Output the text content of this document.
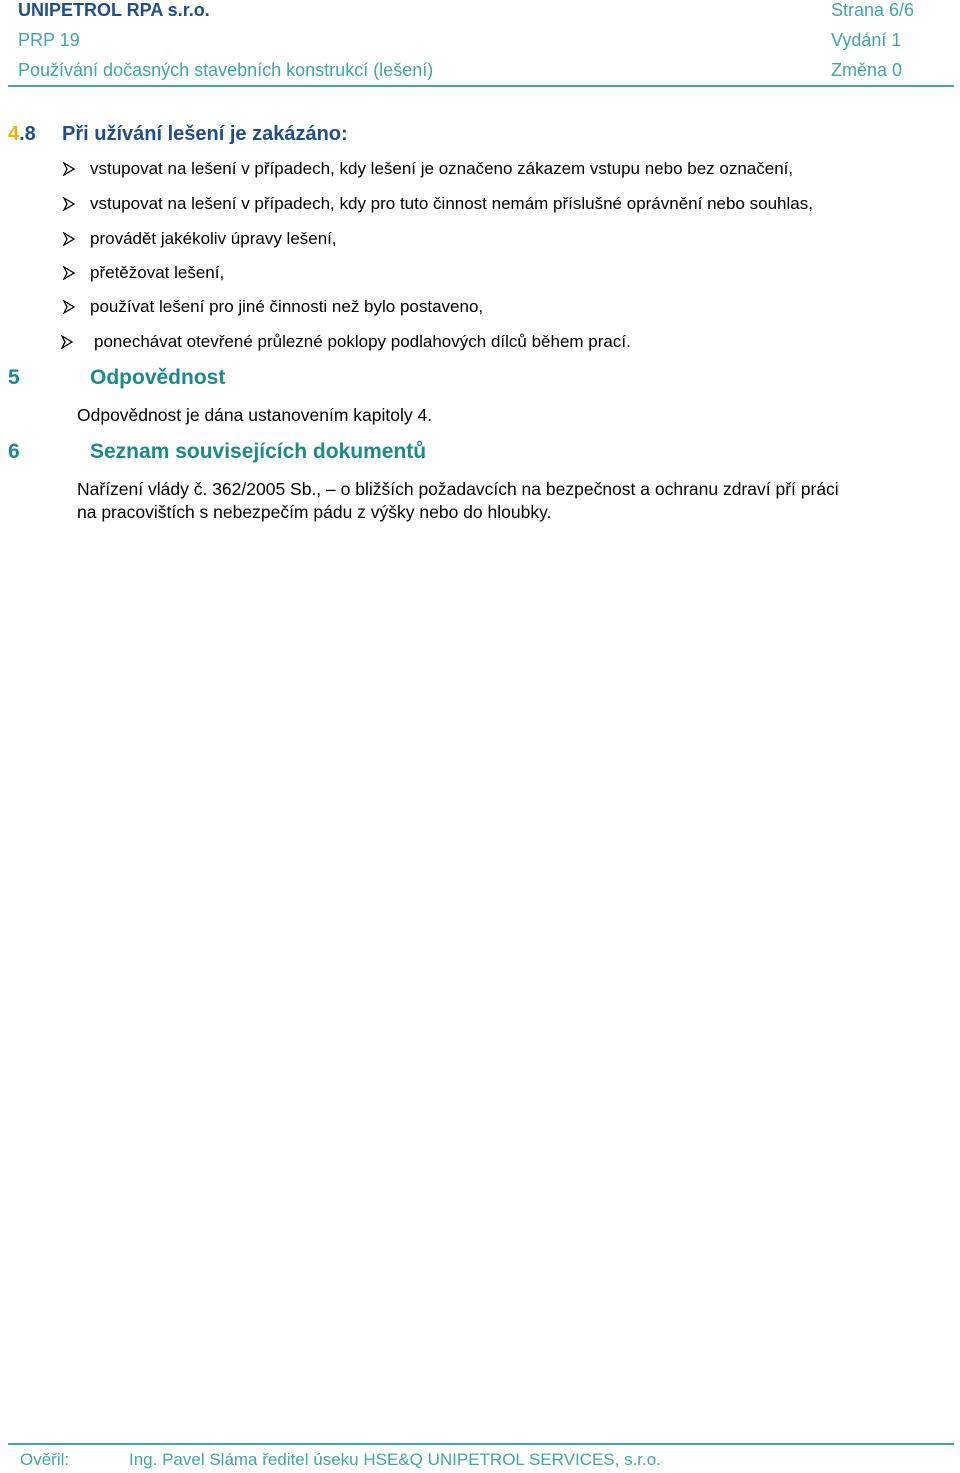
UNIPETROL RPA s.r.o.	Strana 6/6
PRP 19	Vydání 1
Používání dočasných stavebních konstrukcí (lešení)	Změna 0
4.8 Při užívání lešení je zakázáno:
vstupovat na lešení v případech, kdy lešení je označeno zákazem vstupu nebo bez označení,
vstupovat na lešení v případech, kdy pro tuto činnost nemám příslušné oprávnění nebo souhlas,
provádět jakékoliv úpravy lešení,
přetěžovat lešení,
používat lešení pro jiné činnosti než bylo postaveno,
ponechávat otevřené průlezné poklopy podlahových dílců během prací.
5	Odpovědnost
Odpovědnost je dána ustanovením kapitoly 4.
6	Seznam souvisejících dokumentů
Nařízení vlády č. 362/2005 Sb., – o bližších požadavcích na bezpečnost a ochranu zdraví pří práci
na pracovištích s nebezpečím pádu z výšky nebo do hloubky.
Ověřil:	Ing. Pavel Sláma ředitel úseku HSE&Q UNIPETROL SERVICES, s.r.o.
